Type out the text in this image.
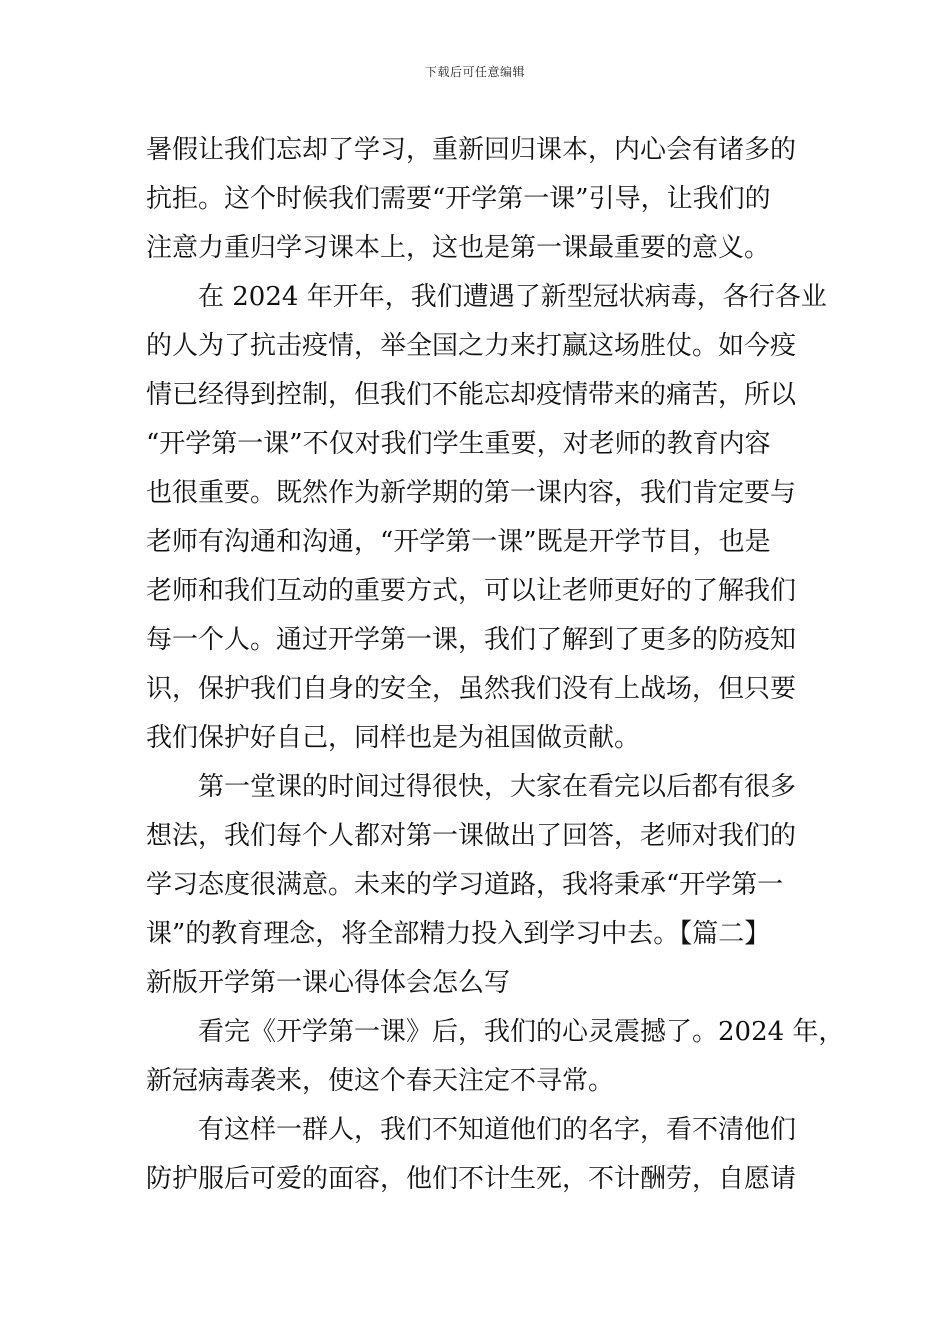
下载后可任意编辑
暑假让我们忘却了学习，重新回归课本，内心会有诸多的
抗拒。这个时候我们需要“开学第一课”引导，让我们的
注意力重归学习课本上，这也是第一课最重要的意义。
在 2024 年开年，我们遭遇了新型冠状病毒，各行各业
的人为了抗击疫情，举全国之力来打赢这场胜仗。如今疫
情已经得到控制，但我们不能忘却疫情带来的痛苦，所以
“开学第一课”不仅对我们学生重要，对老师的教育内容
也很重要。既然作为新学期的第一课内容，我们肯定要与
老师有沟通和沟通，“开学第一课”既是开学节目，也是
老师和我们互动的重要方式，可以让老师更好的了解我们
每一个人。通过开学第一课，我们了解到了更多的防疫知
识，保护我们自身的安全，虽然我们没有上战场，但只要
我们保护好自己，同样也是为祖国做贡献。
第一堂课的时间过得很快，大家在看完以后都有很多
想法，我们每个人都对第一课做出了回答，老师对我们的
学习态度很满意。未来的学习道路，我将秉承“开学第一
课”的教育理念，将全部精力投入到学习中去。【篇二】
新版开学第一课心得体会怎么写
看完《开学第一课》后，我们的心灵震撼了。2024 年，
新冠病毒袭来，使这个春天注定不寻常。
有这样一群人，我们不知道他们的名字，看不清他们
防护服后可爱的面容，他们不计生死，不计酬劳，自愿请
